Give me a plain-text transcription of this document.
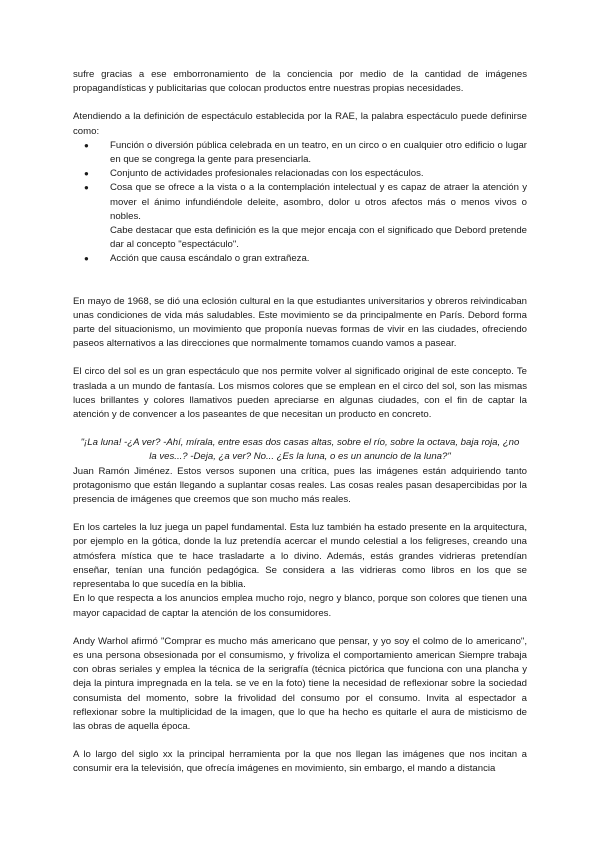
sufre gracias a ese emborronamiento de la conciencia por medio de la cantidad de imágenes propagandísticas y publicitarias que colocan productos entre nuestras propias necesidades.

Atendiendo a la definición de espectáculo establecida por la RAE, la palabra espectáculo puede definirse como:

● Función o diversión pública celebrada en un teatro, en un circo o en cualquier otro edificio o lugar en que se congrega la gente para presenciarla.
● Conjunto de actividades profesionales relacionadas con los espectáculos.
● Cosa que se ofrece a la vista o a la contemplación intelectual y es capaz de atraer la atención y mover el ánimo infundiéndole deleite, asombro, dolor u otros afectos más o menos vivos o nobles.
Cabe destacar que esta definición es la que mejor encaja con el significado que Debord pretende dar al concepto "espectáculo".
● Acción que causa escándalo o gran extrañeza.

En mayo de 1968, se dió una eclosión cultural en la que estudiantes universitarios y obreros reivindicaban unas condiciones de vida más saludables. Este movimiento se da principalmente en París. Debord forma parte del situacionismo, un movimiento que proponía nuevas formas de vivir en las ciudades, ofreciendo paseos alternativos a las direcciones que normalmente tomamos cuando vamos a pasear.

El circo del sol es un gran espectáculo que nos permite volver al significado original de este concepto. Te traslada a un mundo de fantasía. Los mismos colores que se emplean en el circo del sol, son las mismas luces brillantes y colores llamativos pueden apreciarse en algunas ciudades, con el fin de captar la atención y de convencer a los paseantes de que necesitan un producto en concreto.

"¡La luna! -¿A ver? -Ahí, mírala, entre esas dos casas altas, sobre el río, sobre la octava, baja roja, ¿no la ves...? -Deja, ¿a ver? No... ¿Es la luna, o es un anuncio de la luna?"

Juan Ramón Jiménez. Estos versos suponen una crítica, pues las imágenes están adquiriendo tanto protagonismo que están llegando a suplantar cosas reales. Las cosas reales pasan desapercibidas por la presencia de imágenes que creemos que son mucho más reales.

En los carteles la luz juega un papel fundamental. Esta luz también ha estado presente en la arquitectura, por ejemplo en la gótica, donde la luz pretendía acercar el mundo celestial a los feligreses, creando una atmósfera mística que te hace trasladarte a lo divino. Además, estás grandes vidrieras pretendían enseñar, tenían una función pedagógica. Se considera a las vidrieras como libros en los que se representaba lo que sucedía en la biblia.

En lo que respecta a los anuncios emplea mucho rojo, negro y blanco, porque son colores que tienen una mayor capacidad de captar la atención de los consumidores.

Andy Warhol afirmó "Comprar es mucho más americano que pensar, y yo soy el colmo de lo americano", es una persona obsesionada por el consumismo, y frivoliza el comportamiento american Siempre trabaja con obras seriales y emplea la técnica de la serigrafía (técnica pictórica que funciona con una plancha y deja la pintura impregnada en la tela. se ve en la foto) tiene la necesidad de reflexionar sobre la sociedad consumista del momento, sobre la frivolidad del consumo por el consumo. Invita al espectador a reflexionar sobre la multiplicidad de la imagen, que lo que ha hecho es quitarle el aura de misticismo de las obras de aquella época.

A lo largo del siglo xx la principal herramienta por la que nos llegan las imágenes que nos incitan a consumir era la televisión, que ofrecía imágenes en movimiento, sin embargo, el mando a distancia
